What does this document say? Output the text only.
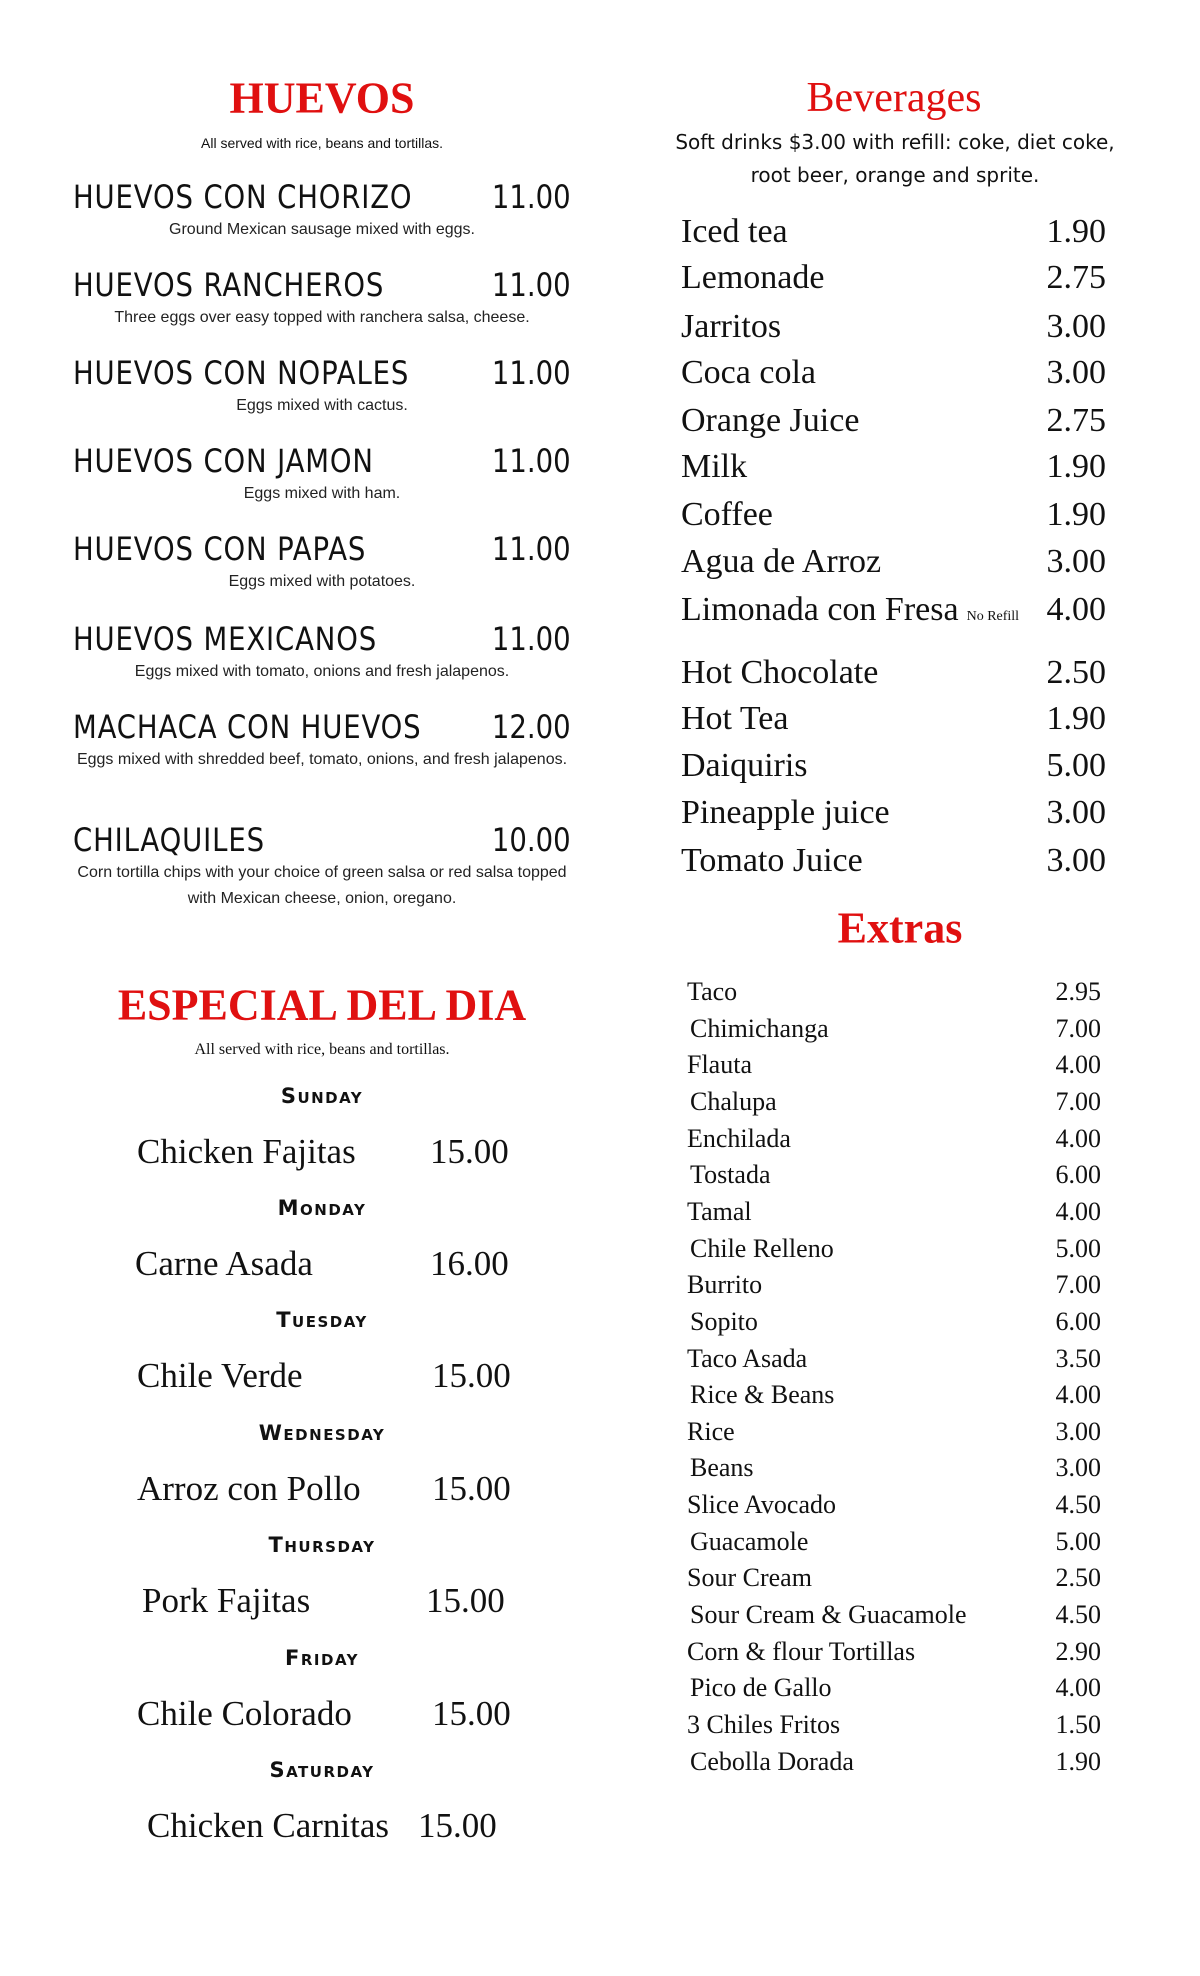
HUEVOS
All served with rice, beans and tortillas.
HUEVOS CON CHORIZO 11.00
Ground Mexican sausage mixed with eggs.
HUEVOS RANCHEROS	11.00
Three eggs over easy topped with ranchera salsa, cheese.
HUEVOS CON NOPALES	11.00
Eggs mixed with cactus.
HUEVOS CON JAMON	11.00
Eggs mixed with ham.
HUEVOS CON PAPAS	11.00
Eggs mixed with potatoes.
HUEVOS MEXICANOS	11.00
Eggs mixed with tomato, onions and fresh jalapenos.
MACHACA CON HUEVOS 12.00
Eggs mixed with shredded beef, tomato, onions, and fresh jalapenos.
CHILAQUILES	10.00
Corn tortilla chips with your choice of green salsa or red salsa topped with Mexican cheese, onion, oregano.
ESPECIAL DEL DIA
All served with rice, beans and tortillas.
Sunday
Chicken Fajitas 15.00
Monday
Carne Asada	16.00
Tuesday
Chile Verde	15.00
Wednesday
Arroz con Pollo 15.00
Thursday
Pork Fajitas	15.00
Friday
Chile Colorado 15.00
Saturday
Chicken Carnitas 15.00
Beverages
Soft drinks $3.00 with refill: coke, diet coke, root beer, orange and sprite.
Iced tea	1.90
Lemonade	2.75
Jarritos	3.00
Coca cola	3.00
Orange Juice	2.75
Milk	1.90
Coffee	1.90
Agua de Arroz	3.00
Limonada con Fresa No Refill 4.00
Hot Chocolate	2.50
Hot Tea	1.90
Daiquiris	5.00
Pineapple juice	3.00
Tomato Juice	3.00
Extras
Taco	2.95
Chimichanga	7.00
Flauta	4.00
Chalupa	7.00
Enchilada	4.00
Tostada	6.00
Tamal	4.00
Chile Relleno	5.00
Burrito	7.00
Sopito	6.00
Taco Asada	3.50
Rice & Beans	4.00
Rice	3.00
Beans	3.00
Slice Avocado	4.50
Guacamole	5.00
Sour Cream	2.50
Sour Cream & Guacamole	4.50
Corn & flour Tortillas	2.90
Pico de Gallo	4.00
3 Chiles Fritos	1.50
Cebolla Dorada	1.90
